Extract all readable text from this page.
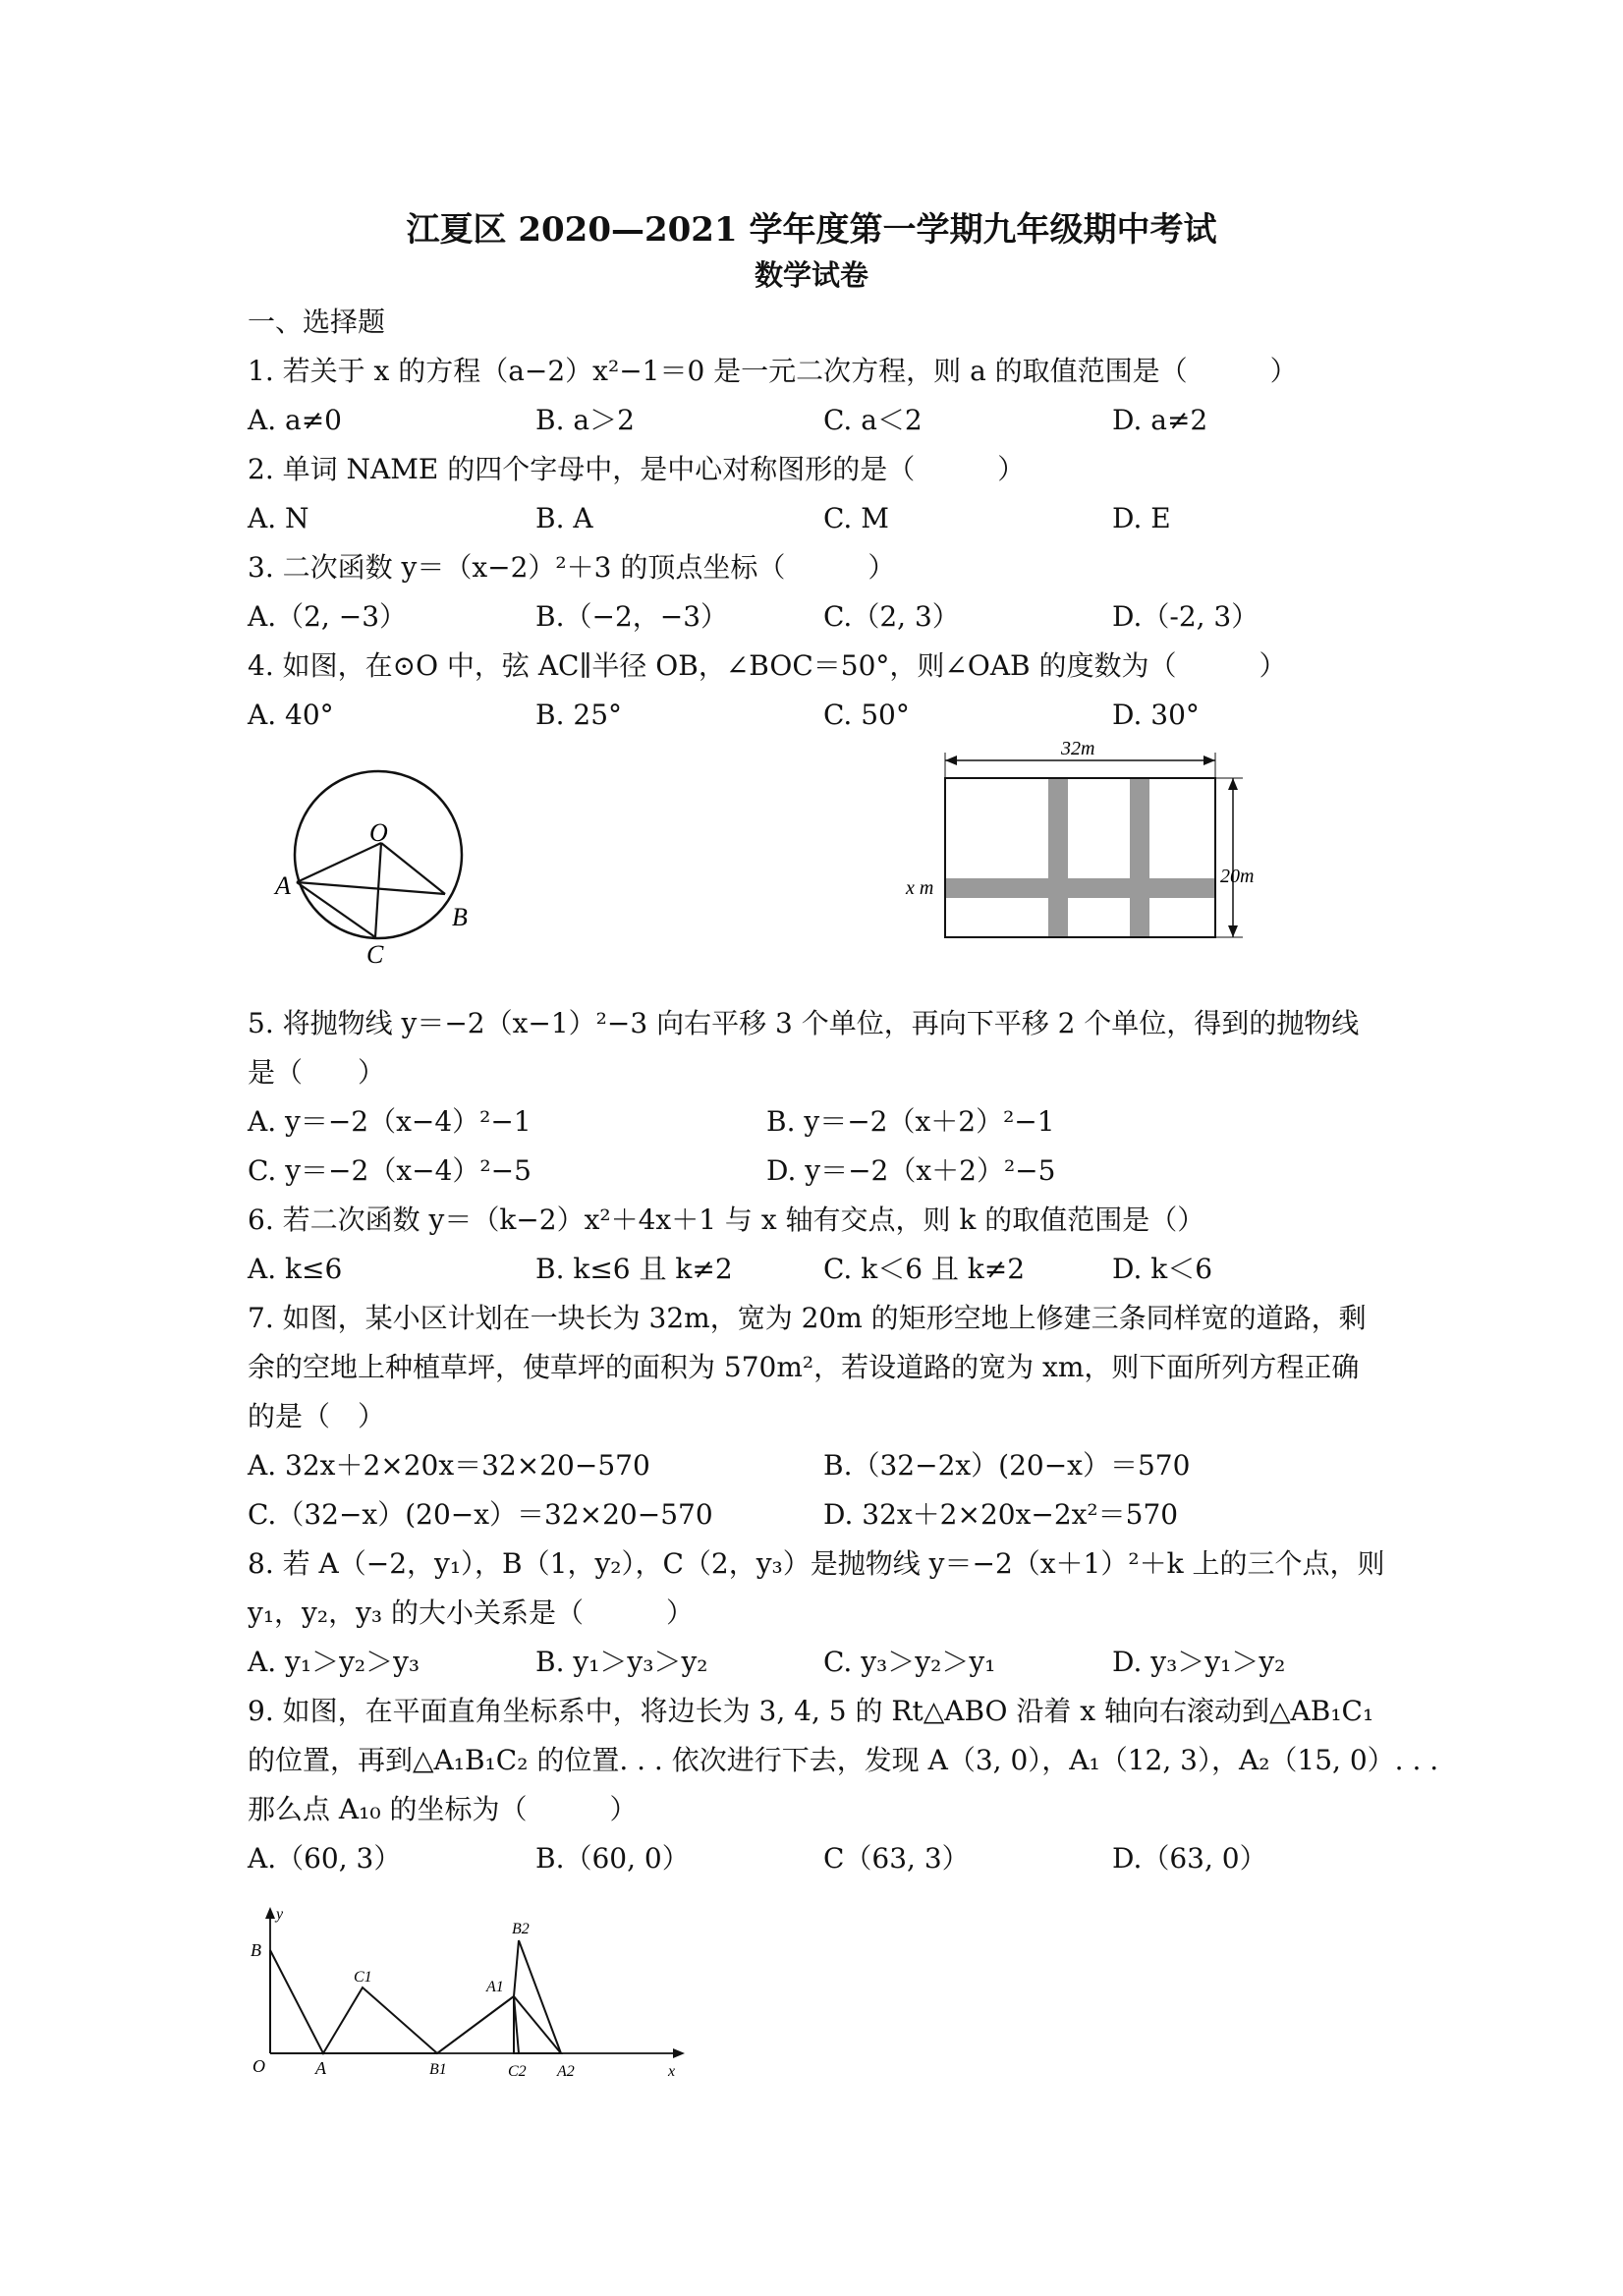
江夏区 2020—2021 学年度第一学期九年级期中考试
数学试卷
一、选择题
1. 若关于 x 的方程（a−2）x²−1＝0 是一元二次方程，则 a 的取值范围是（　　　）
A. a≠0	B. a＞2	C. a＜2	D. a≠2
2. 单词 NAME 的四个字母中，是中心对称图形的是（　　　）
A. N	B. A	C. M	D. E
3. 二次函数 y＝（x−2）²＋3 的顶点坐标（　　　）
A.（2, −3）	B.（−2，−3）	C.（2, 3）	D.（-2, 3）
4. 如图，在⊙O 中，弦 AC∥半径 OB，∠BOC＝50°，则∠OAB 的度数为（　　　）
A. 40°	B. 25°	C. 50°	D. 30°
O
A
B
C
32m
20m
x m
5. 将抛物线 y＝−2（x−1）²−3 向右平移 3 个单位，再向下平移 2 个单位，得到的抛物线
是（　　）
A. y＝−2（x−4）²−1	B. y＝−2（x＋2）²−1
C. y＝−2（x−4）²−5	D. y＝−2（x＋2）²−5
6. 若二次函数 y＝（k−2）x²＋4x＋1 与 x 轴有交点，则 k 的取值范围是（）
A. k≤6	B. k≤6 且 k≠2	C. k＜6 且 k≠2	D. k＜6
7. 如图，某小区计划在一块长为 32m，宽为 20m 的矩形空地上修建三条同样宽的道路，剩
余的空地上种植草坪，使草坪的面积为 570m²，若设道路的宽为 xm，则下面所列方程正确
的是（　）
A. 32x＋2×20x＝32×20−570	B.（32−2x）(20−x）＝570
C.（32−x）(20−x）＝32×20−570	D. 32x＋2×20x−2x²＝570
8. 若 A（−2，y₁），B（1，y₂），C（2，y₃）是抛物线 y＝−2（x＋1）²＋k 上的三个点，则
y₁，y₂，y₃ 的大小关系是（　　　）
A. y₁＞y₂＞y₃	B. y₁＞y₃＞y₂	C. y₃＞y₂＞y₁	D. y₃＞y₁＞y₂
9. 如图，在平面直角坐标系中，将边长为 3, 4, 5 的 Rt△ABO 沿着 x 轴向右滚动到△AB₁C₁
的位置，再到△A₁B₁C₂ 的位置. . . 依次进行下去，发现 A（3, 0），A₁（12, 3），A₂（15, 0）. . .
那么点 A₁₀ 的坐标为（　　　）
A.（60, 3）	B.（60, 0）	C（63, 3）	D.（63, 0）
y
x
O
B
A
C1
B1
A1
B2
C2 A2
